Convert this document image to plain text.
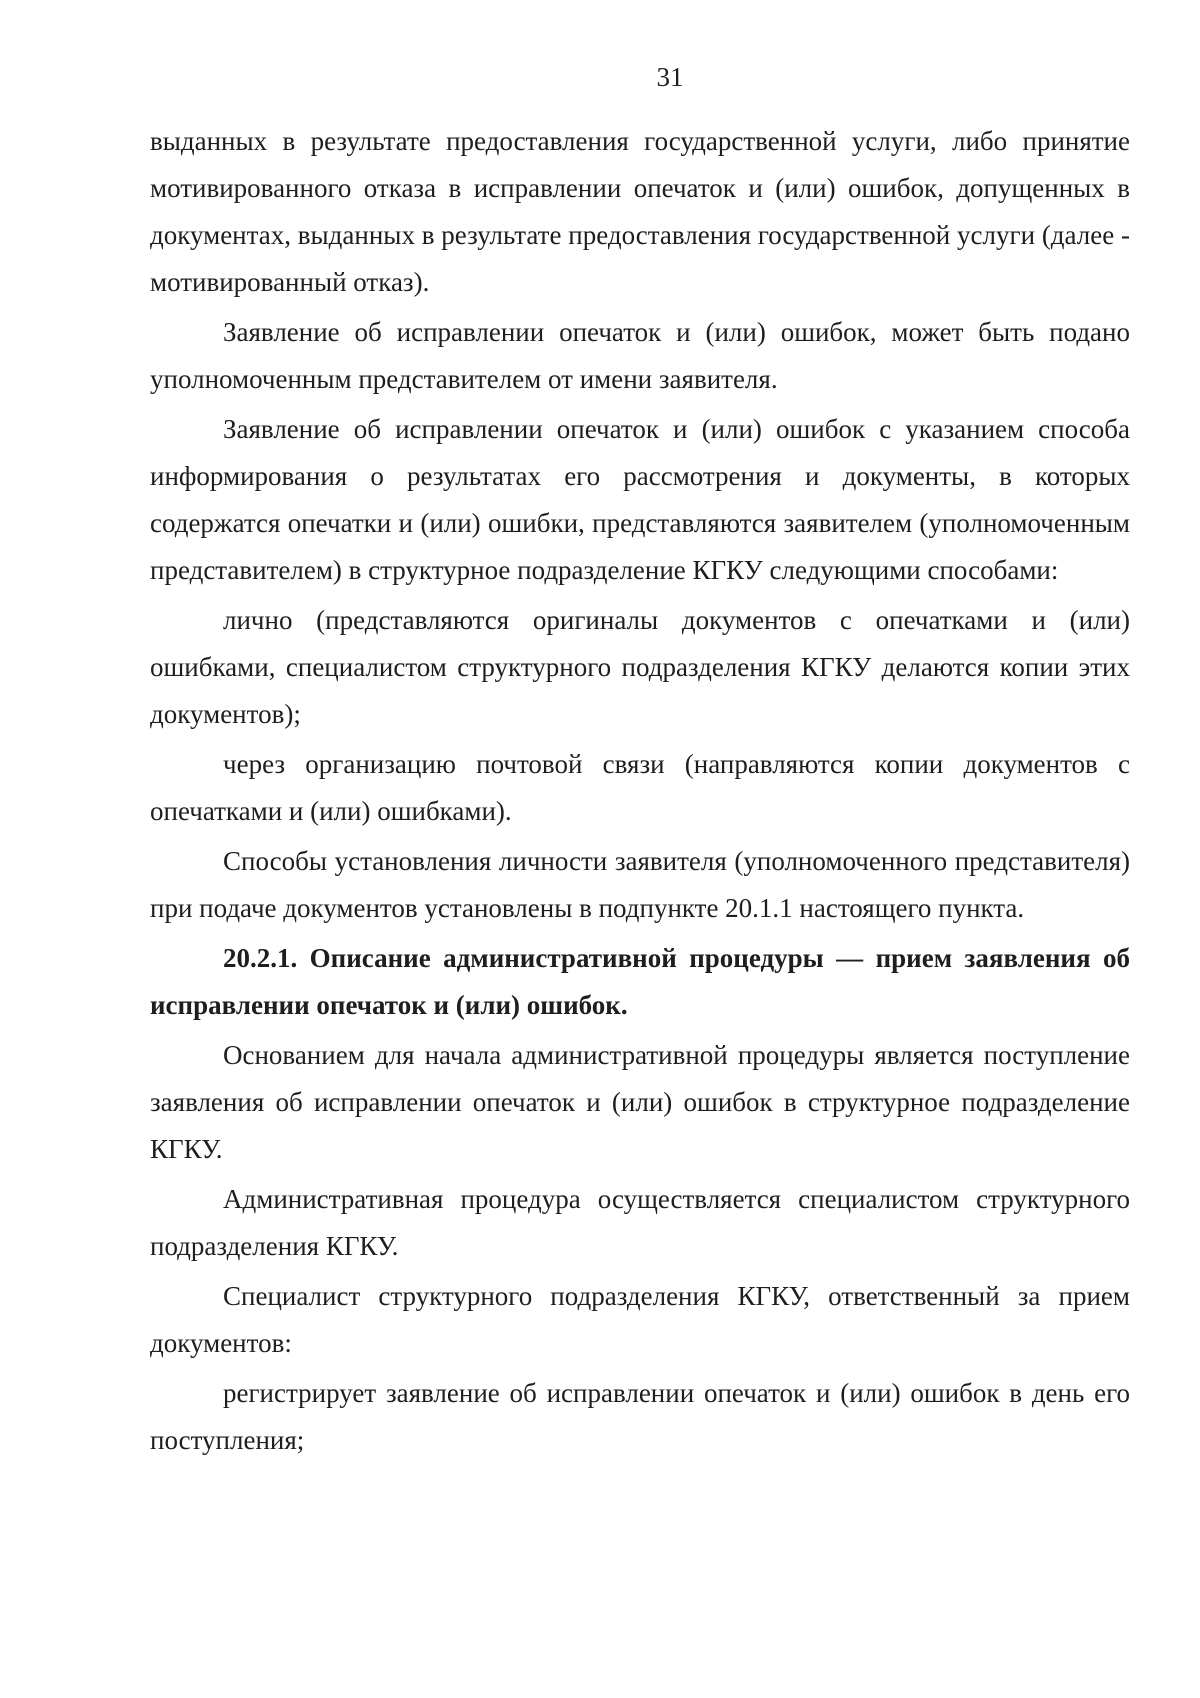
31

выданных в результате предоставления государственной услуги, либо принятие мотивированного отказа в исправлении опечаток и (или) ошибок, допущенных в документах, выданных в результате предоставления государственной услуги (далее - мотивированный отказ).

Заявление об исправлении опечаток и (или) ошибок, может быть подано уполномоченным представителем от имени заявителя.

Заявление об исправлении опечаток и (или) ошибок с указанием способа информирования о результатах его рассмотрения и документы, в которых содержатся опечатки и (или) ошибки, представляются заявителем (уполномоченным представителем) в структурное подразделение КГКУ следующими способами:

лично (представляются оригиналы документов с опечатками и (или) ошибками, специалистом структурного подразделения КГКУ делаются копии этих документов);

через организацию почтовой связи (направляются копии документов с опечатками и (или) ошибками).

Способы установления личности заявителя (уполномоченного представителя) при подаче документов установлены в подпункте 20.1.1 настоящего пункта.

20.2.1. Описание административной процедуры — прием заявления об исправлении опечаток и (или) ошибок.

Основанием для начала административной процедуры является поступление заявления об исправлении опечаток и (или) ошибок в структурное подразделение КГКУ.

Административная процедура осуществляется специалистом структурного подразделения КГКУ.

Специалист структурного подразделения КГКУ, ответственный за прием документов:

регистрирует заявление об исправлении опечаток и (или) ошибок в день его поступления;
